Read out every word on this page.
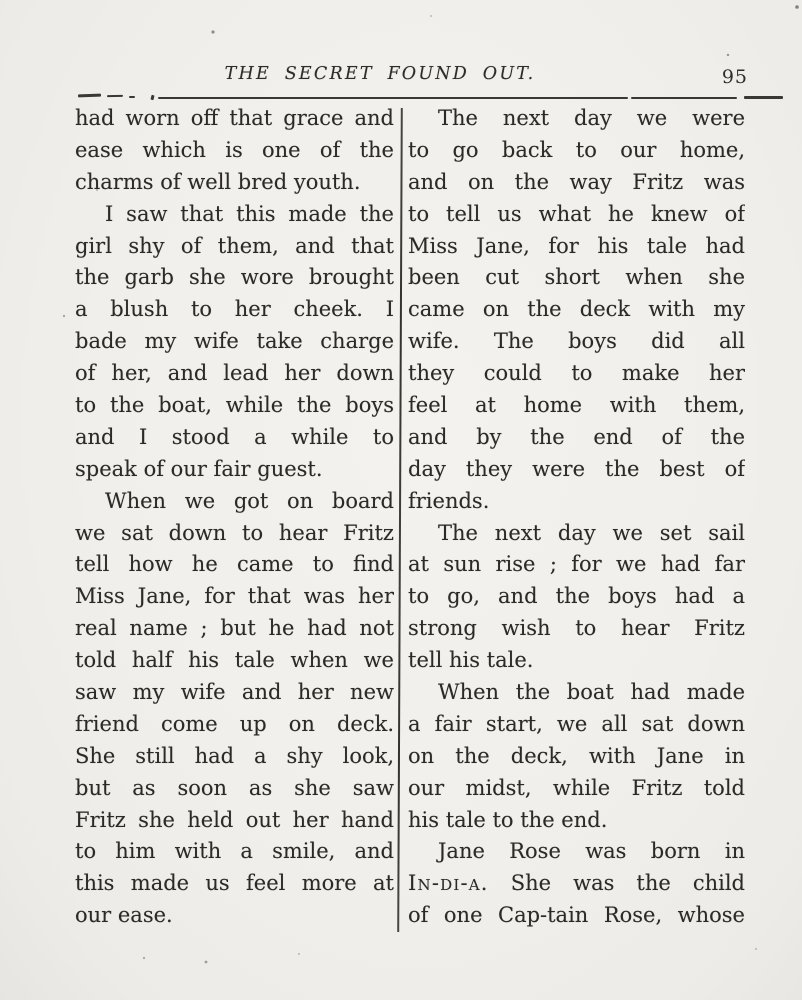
THE SECRET FOUND OUT.	95
had worn off that grace and
ease which is one of the
charms of well bred youth.
I saw that this made the
girl shy of them, and that
the garb she wore brought
a blush to her cheek. I
bade my wife take charge
of her, and lead her down
to the boat, while the boys
and I stood a while to
speak of our fair guest.
When we got on board
we sat down to hear Fritz
tell how he came to find
Miss Jane, for that was her
real name ; but he had not
told half his tale when we
saw my wife and her new
friend come up on deck.
She still had a shy look,
but as soon as she saw
Fritz she held out her hand
to him with a smile, and
this made us feel more at
our ease.
The next day we were
to go back to our home,
and on the way Fritz was
to tell us what he knew of
Miss Jane, for his tale had
been cut short when she
came on the deck with my
wife. The boys did all
they could to make her
feel at home with them,
and by the end of the
day they were the best of
friends.
The next day we set sail
at sun rise ; for we had far
to go, and the boys had a
strong wish to hear Fritz
tell his tale.
When the boat had made
a fair start, we all sat down
on the deck, with Jane in
our midst, while Fritz told
his tale to the end.
Jane Rose was born in
In-di-a. She was the child
of one Cap-tain Rose, whose
